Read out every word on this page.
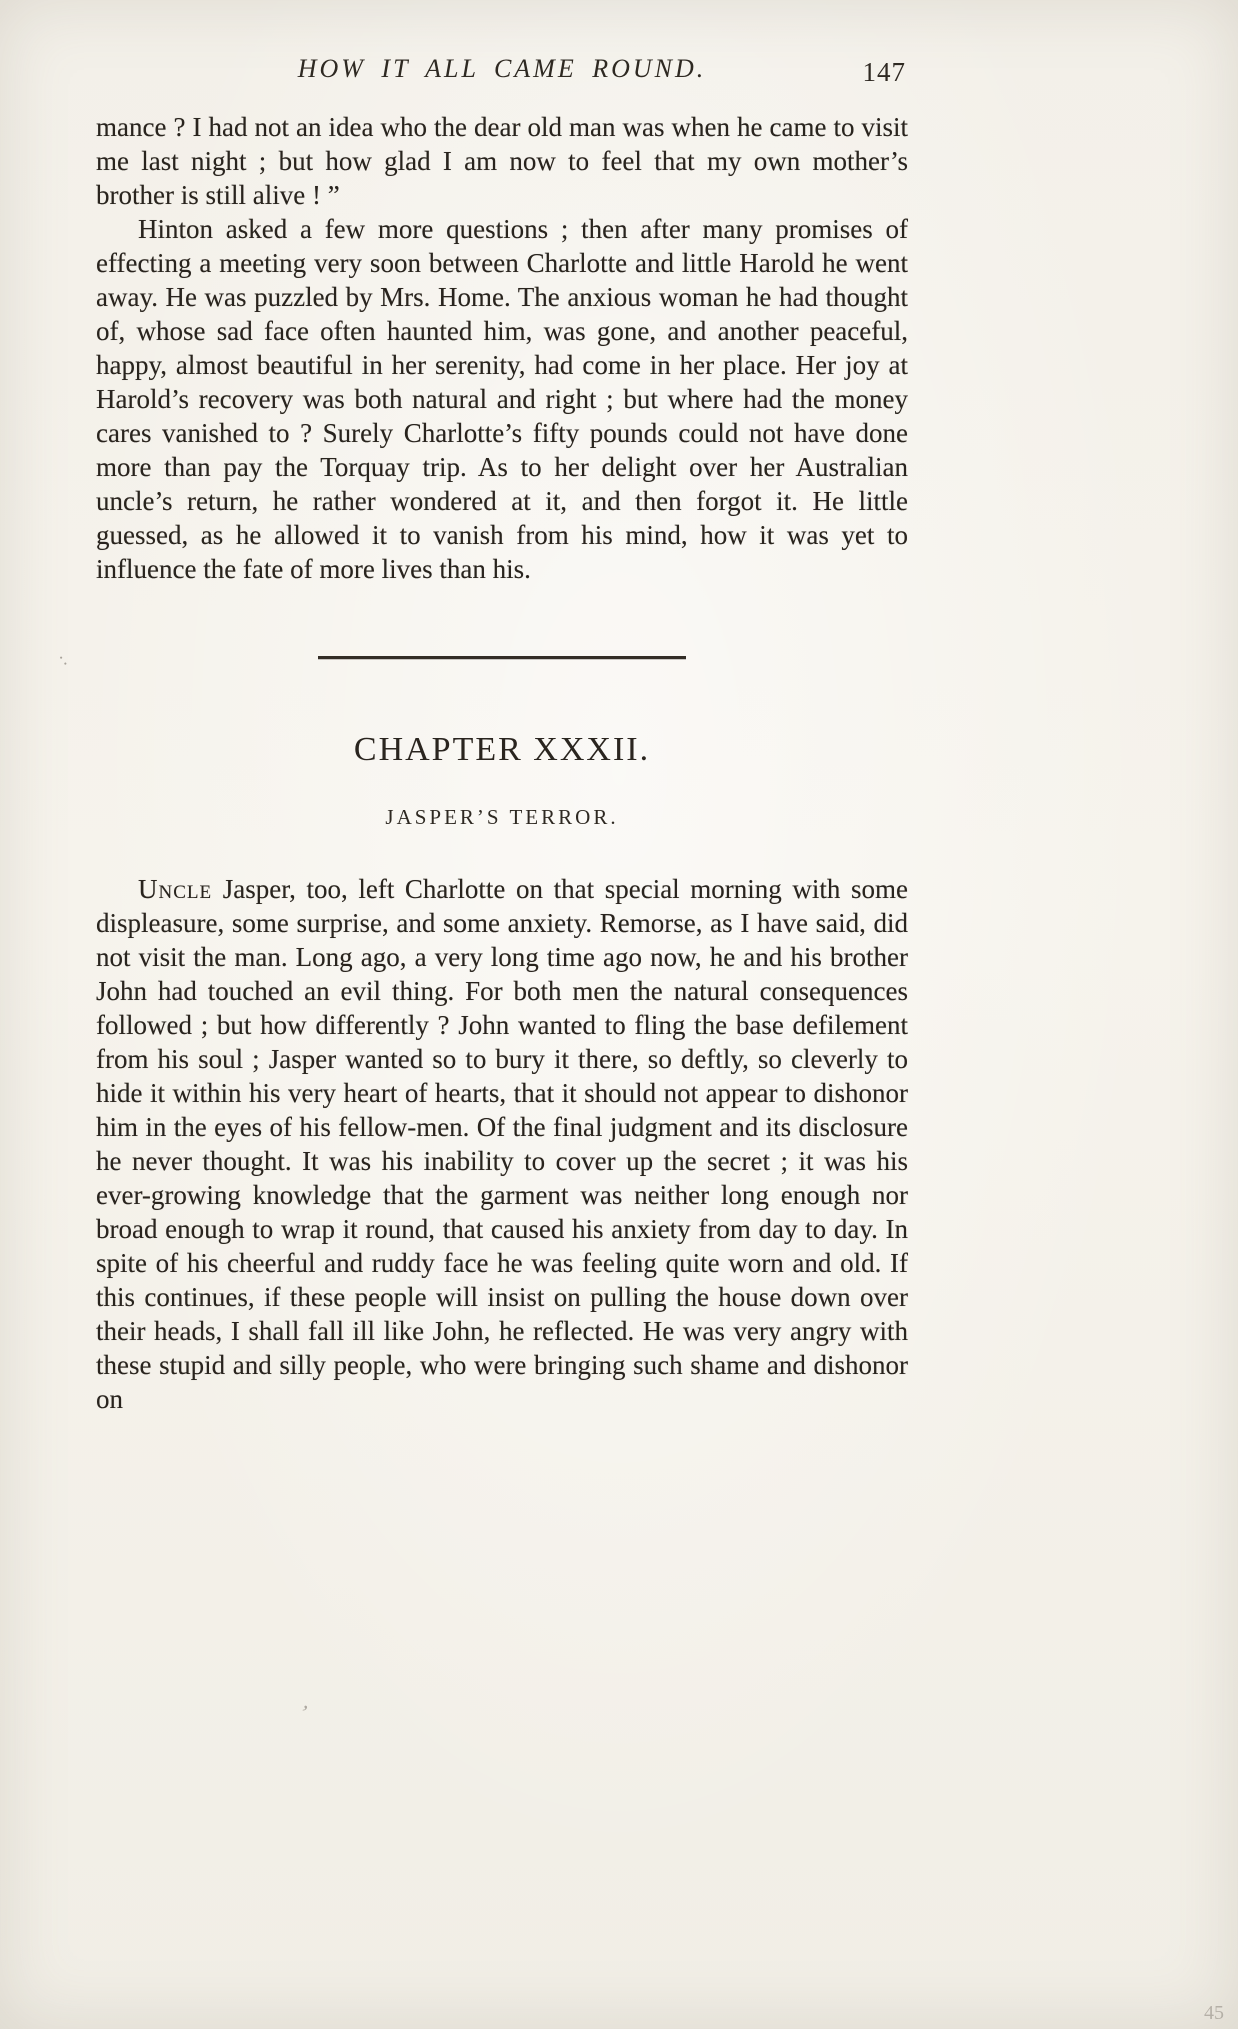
HOW IT ALL CAME ROUND.	147

mance ? I had not an idea who the dear old man was when he came to visit me last night ; but how glad I am now to feel that my own mother’s brother is still alive ! ”

Hinton asked a few more questions ; then after many promises of effecting a meeting very soon between Charlotte and little Harold he went away. He was puzzled by Mrs. Home. The anxious woman he had thought of, whose sad face often haunted him, was gone, and another peaceful, happy, almost beautiful in her serenity, had come in her place. Her joy at Harold’s recovery was both natural and right ; but where had the money cares vanished to ? Surely Charlotte’s fifty pounds could not have done more than pay the Torquay trip. As to her delight over her Australian uncle’s return, he rather wondered at it, and then forgot it. He little guessed, as he allowed it to vanish from his mind, how it was yet to influence the fate of more lives than his.

CHAPTER XXXII.
JASPER’S TERROR.

Uncle Jasper, too, left Charlotte on that special morning with some displeasure, some surprise, and some anxiety. Remorse, as I have said, did not visit the man. Long ago, a very long time ago now, he and his brother John had touched an evil thing. For both men the natural consequences followed ; but how differently ? John wanted to fling the base defilement from his soul ; Jasper wanted so to bury it there, so deftly, so cleverly to hide it within his very heart of hearts, that it should not appear to dishonor him in the eyes of his fellow-men. Of the final judgment and its disclosure he never thought. It was his inability to cover up the secret ; it was his ever-growing knowledge that the garment was neither long enough nor broad enough to wrap it round, that caused his anxiety from day to day. In spite of his cheerful and ruddy face he was feeling quite worn and old. If this continues, if these people will insist on pulling the house down over their heads, I shall fall ill like John, he reflected. He was very angry with these stupid and silly people, who were bringing such shame and dishonor on

·.
’
45
